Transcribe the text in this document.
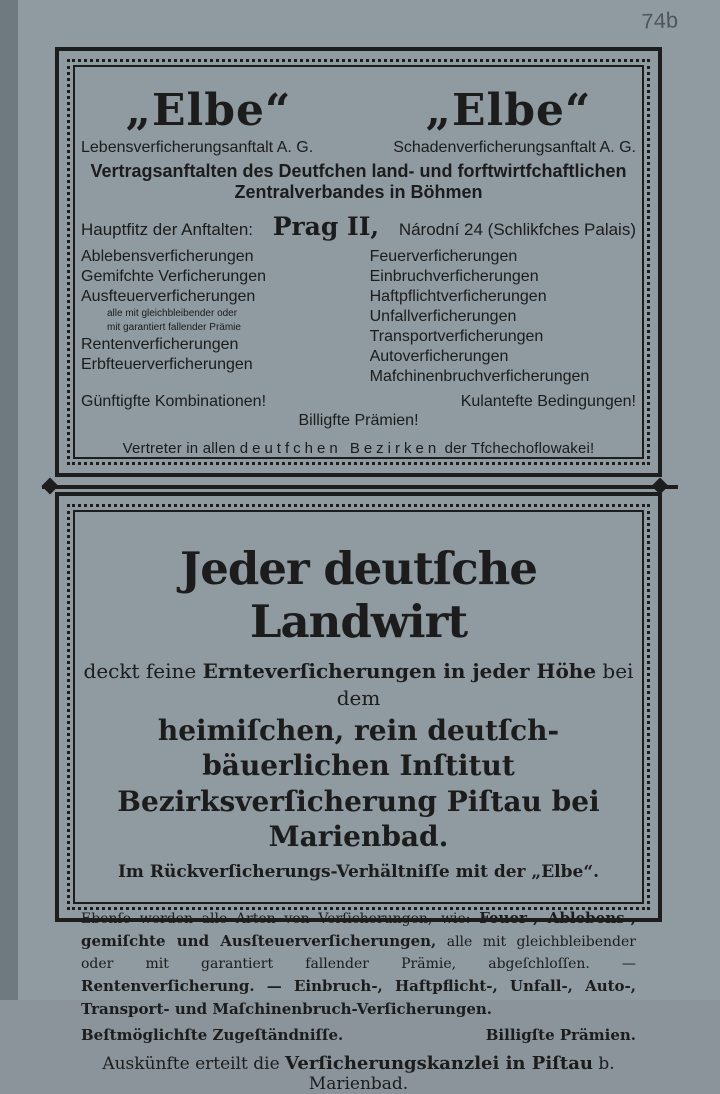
74b
„Elbe“	„Elbe“
Lebensverficherungsanftalt A. G.	Schadenverficherungsanftalt A. G.
Vertragsanftalten des Deutfchen land- und forftwirtfchaftlichen
Zentralverbandes in Böhmen
Hauptfitz der Anftalten: Prag II, Národní 24 (Schlikfches Palais)
Ablebensverficherungen
Gemifchte Verficherungen
Ausfteuerverficherungen
alle mit gleichbleibender oder
mit garantiert fallender Prämie
Rentenverficherungen
Erbfteuerverficherungen
Feuerverficherungen
Einbruchverficherungen
Haftpflichtverficherungen
Unfallverficherungen
Transportverficherungen
Autoverficherungen
Mafchinenbruchverficherungen
Günftigfte Kombinationen!	Kulantefte Bedingungen!
Billigfte Prämien!
Vertreter in allen deutfchen Bezirken der Tfchechoflowakei!
Jeder deutſche Landwirt
deckt feine Ernteverſicherungen in jeder Höhe bei dem
heimiſchen, rein deutſch-bäuerlichen Inſtitut
Bezirksverſicherung Piſtau bei Marienbad.
Im Rückverſicherungs-Verhältniſſe mit der „Elbe“.
Ebenſo werden alle Arten von Verſicherungen, wie: Feuer-, Ablebens-, gemiſchte und Ausſteuerverſicherungen, alle mit gleichbleibender oder mit garantiert fallender Prämie, abgeſchloſſen. — Rentenverſicherung. — Einbruch-, Haftpflicht-, Unfall-, Auto-, Transport- und Maſchinenbruch-Verſicherungen.
Beſtmöglichſte Zugeſtändniſſe.	Billigſte Prämien.
Auskünfte erteilt die Verſicherungskanzlei in Piſtau b. Marienbad.
